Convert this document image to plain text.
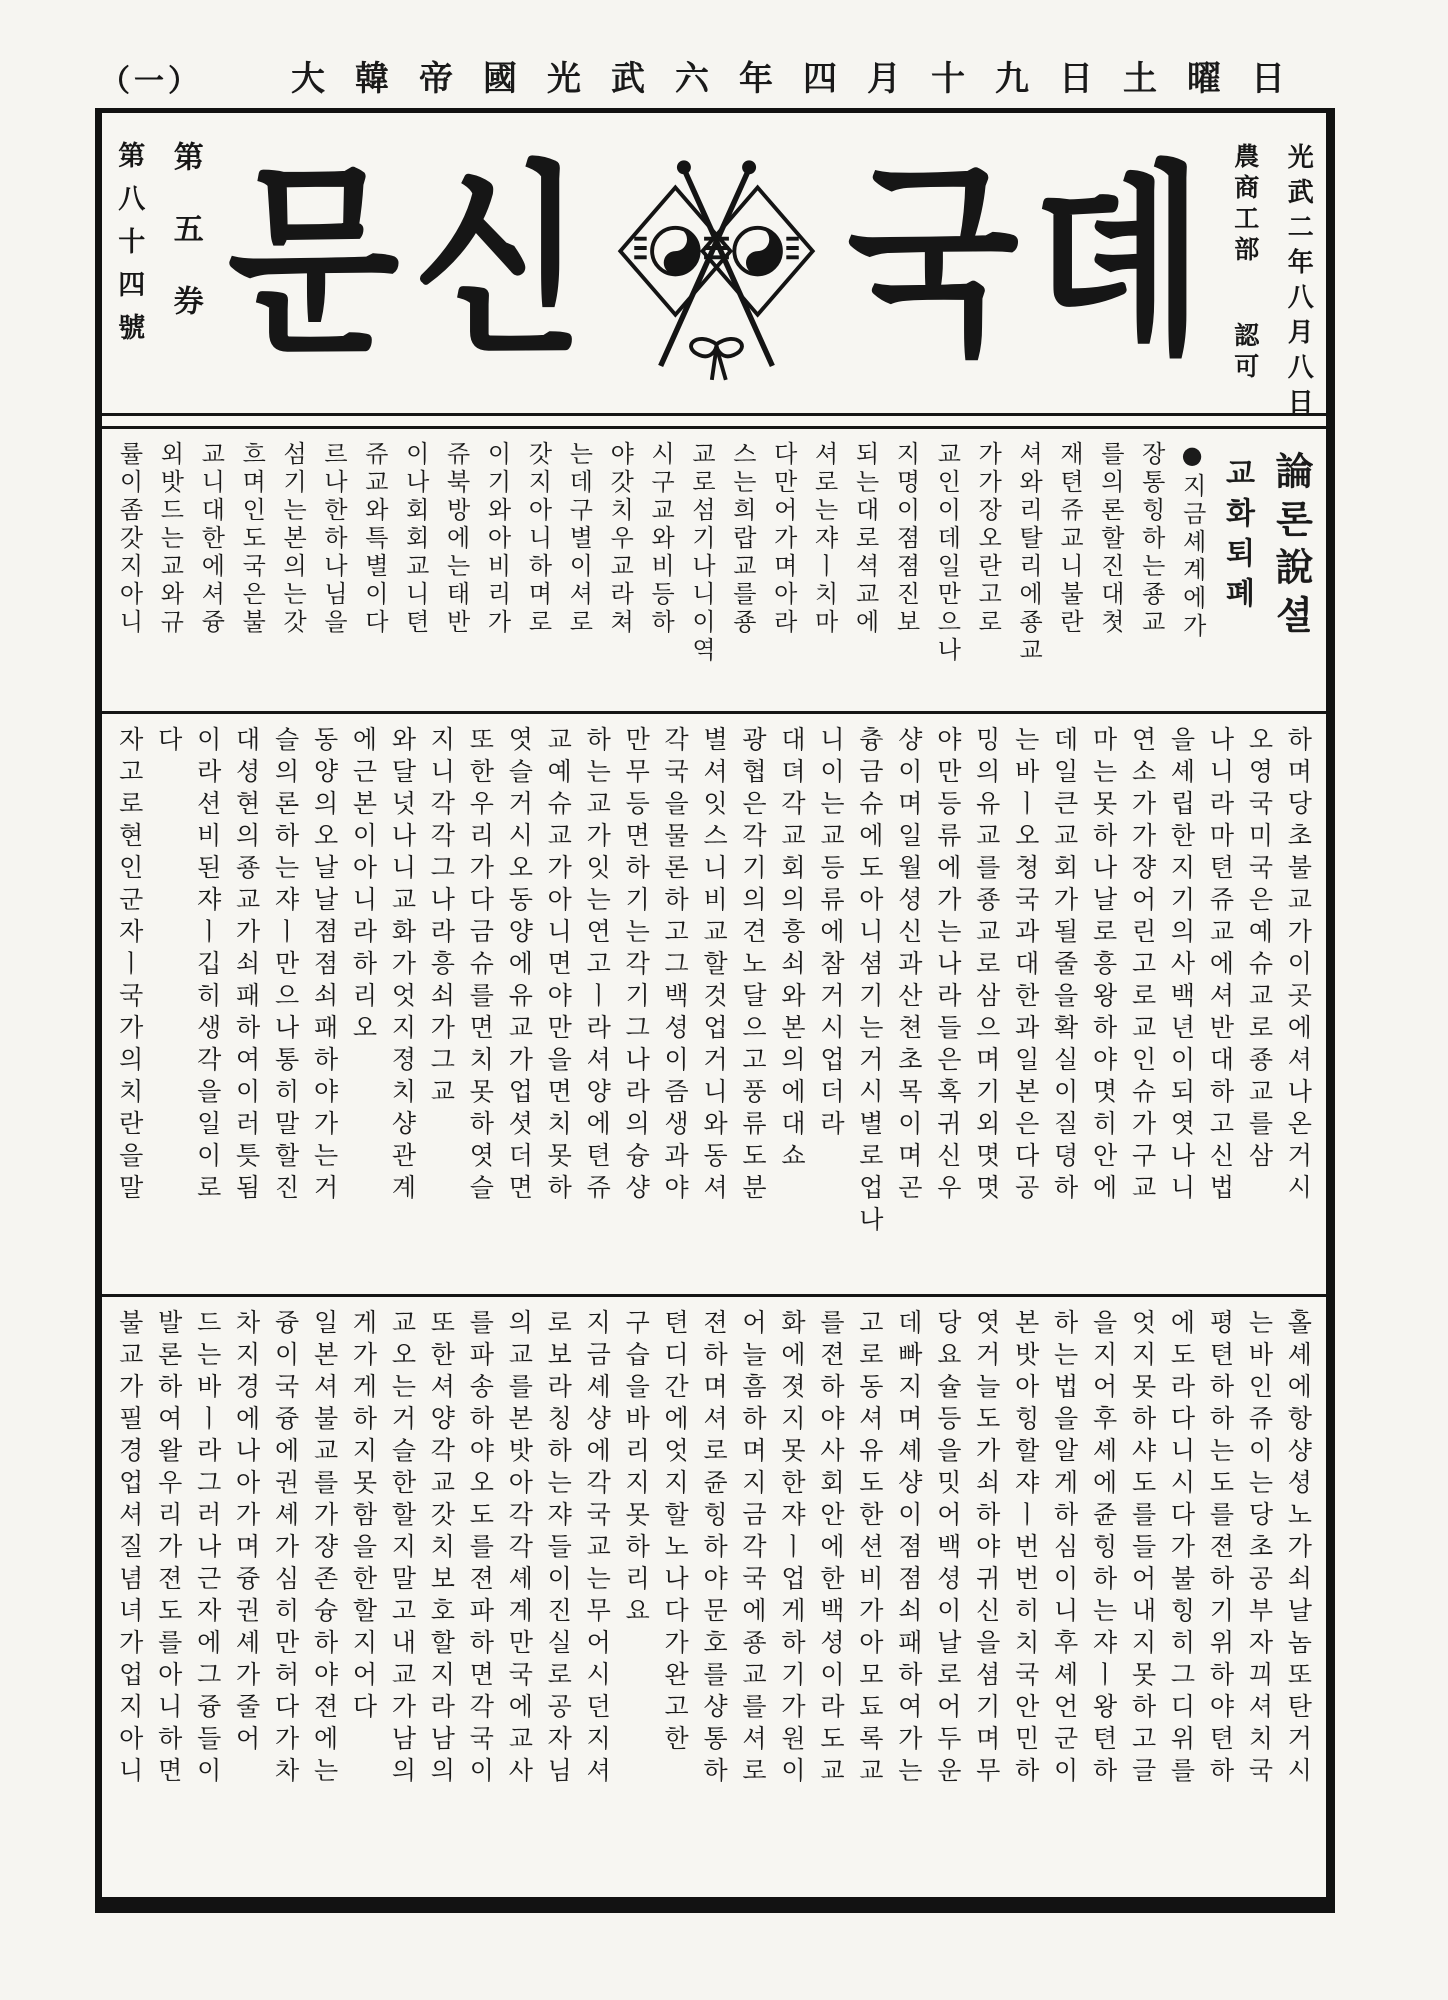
（一）	大韓帝國光武六年四月十九日土曜日
第五券
第八十四號	뎨
국
신
문	光武二年八月八日
農商工部
認可
論론說셜
교화퇴폐
●지금셰계에가
장통힝하는죵교
를의론할진대쳣
재텬쥬교니불란
셔와리탈리에죵교
가가장오란고로
교인이데일만으나
지명이졈졈진보
되는대로셕교에
셔로는쟈ㅣ치마
다만어가며아라
스는희랍교를죵
교로섬기나니이역
시구교와비등하
야갓치우교라쳐
는데구별이셔로
갓지아니하며로
이기와아비리가
쥬북방에는태반
이나회회교니텬
쥬교와특별이다
르나한하나님을
섬기는본의는갓
흐며인도국은불
교니대한에셔즁
외밧드는교와규
률이좀갓지아니
하며당초불교가이곳에셔나온거시
오영국미국은예슈교로죵교를삼
나니라마텬쥬교에셔반대하고신법
을셰립한지기의사백년이되엿나니
연소가가쟝어린고로교인슈가구교
마는못하나날로흥왕하야몃히안에
데일큰교회가될줄을확실이질뎡하
는바ㅣ오쳥국과대한과일본은다공
밍의유교를죵교로삼으며기외몃몃
야만등류에가는나라들은혹귀신우
샹이며일월셩신과산쳔초목이며곤
츙금슈에도아니셤기는거시별로업나
니이는교등류에참거시업더라
대뎌각교회의흥쇠와본의에대쇼
광협은각기의견노달으고풍류도분
별셔잇스니비교할것업거니와동셔
각국을물론하고그백셩이즘생과야
만무등면하기는각기그나라의슝샹
하는교가잇는연고ㅣ라셔양에텬쥬
교예슈교가아니면야만을면치못하
엿슬거시오동양에유교가업셧더면
또한우리가다금슈를면치못하엿슬
지니각각그나라흥쇠가그교
와달넛나니교화가엇지졍치샹관계
에근본이아니라하리오
동양의오날날졈졈쇠패하야가는거
슬의론하는쟈ㅣ만으나통히말할진
대셩현의죵교가쇠패하여이러틋됨
이라션비된쟈ㅣ깁히생각을일이로
다
자고로현인군자ㅣ국가의치란을말
홀셰에항샹셩노가쇠날놈또탄거시
는바인쥬이는당초공부자끠셔치국
평텬하하는도를젼하기위하야텬하
에도라다니시다가불힝히그디위를
엇지못하샤도를들어내지못하고글
을지어후셰에쥰힝하는쟈ㅣ왕텬하
하는법을알게하심이니후셰언군이
본밧아힝할쟈ㅣ번번히치국안민하
엿거늘도가쇠하야귀신을셤기며무
당요슐등을밋어백셩이날로어두운
데빠지며셰샹이졈졈쇠패하여가는
고로동셔유도한션비가아모됴록교
를젼하야사회안에한백셩이라도교
화에졋지못한쟈ㅣ업게하기가원이
어늘흠하며지금각국에죵교를셔로
젼하며셔로쥰힝하야문호를샹통하
텬디간에엇지할노나다가완고한
구습을바리지못하리요
지금셰샹에각국교는무어시던지셔
로보라칭하는쟈들이진실로공자님
의교를본밧아각각셰계만국에교사
를파송하야오도를젼파하면각국이
또한셔양각교갓치보호할지라남의
교오는거슬한할지말고내교가남의
게가게하지못함을한할지어다
일본셔불교를가쟝존슝하야젼에는
즁이국즁에권셰가심히만허다가차
차지경에나아가며즁권셰가줄어
드는바ㅣ라그러나근자에그즁들이
발론하여왈우리가젼도를아니하면
불교가필경업셔질념녀가업지아니
